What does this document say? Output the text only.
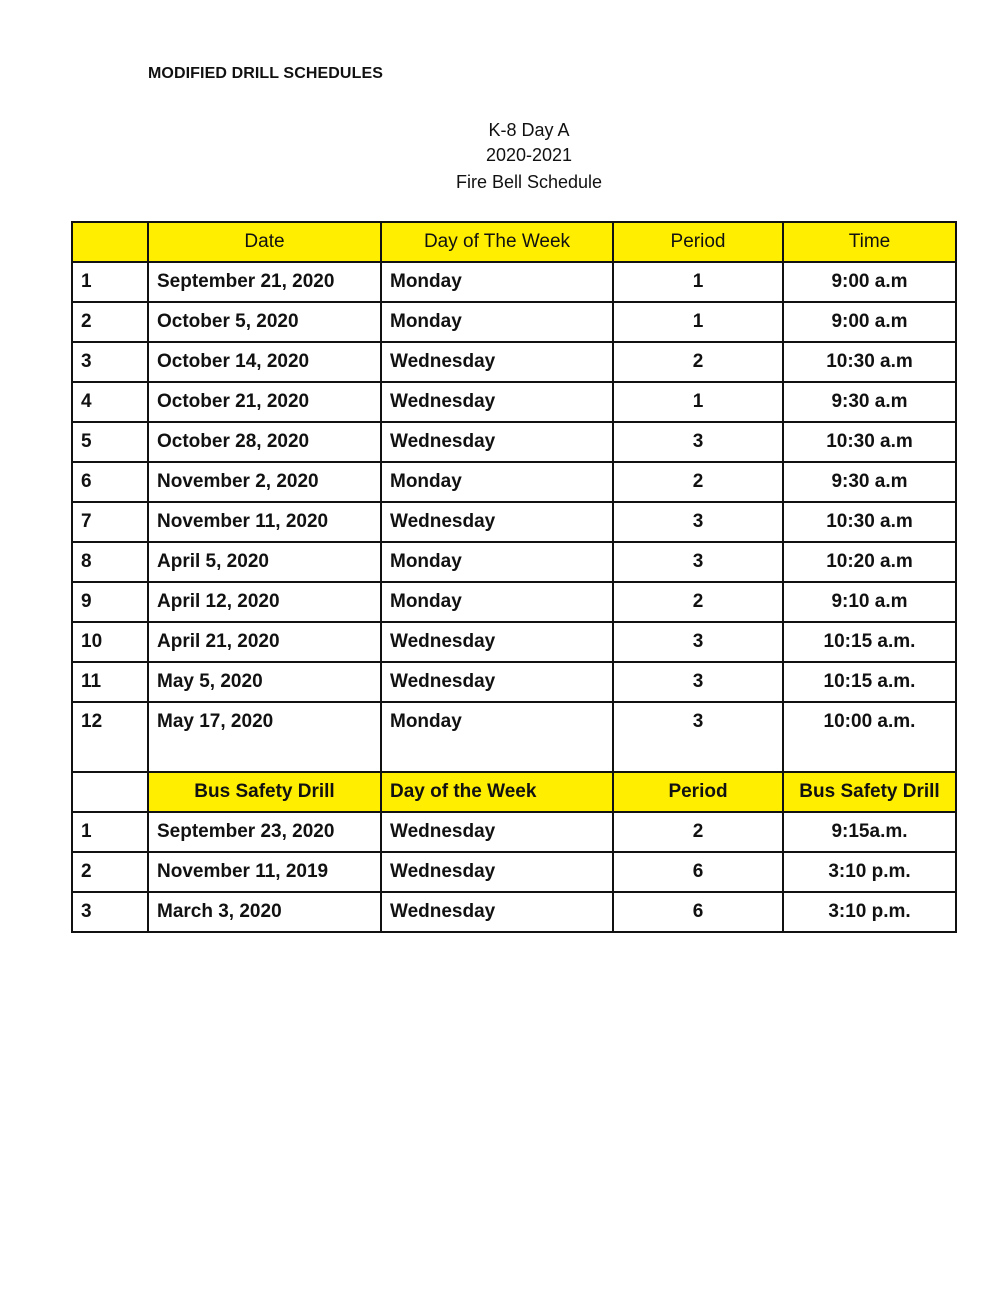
MODIFIED DRILL SCHEDULES
K-8 Day A
2020-2021
Fire Bell Schedule
	Date	Day of The Week	Period	Time
1	September 21, 2020	Monday	1	9:00 a.m
2	October 5, 2020	Monday	1	9:00 a.m
3	October 14, 2020	Wednesday	2	10:30 a.m
4	October 21, 2020	Wednesday	1	9:30 a.m
5	October 28, 2020	Wednesday	3	10:30 a.m
6	November 2, 2020	Monday	2	9:30 a.m
7	November 11, 2020	Wednesday	3	10:30 a.m
8	April 5, 2020	Monday	3	10:20 a.m
9	April 12, 2020	Monday	2	9:10 a.m
10	April 21, 2020	Wednesday	3	10:15 a.m.
11	May 5, 2020	Wednesday	3	10:15 a.m.
12	May 17, 2020	Monday	3	10:00 a.m.
	Bus Safety Drill	Day of the Week	Period	Bus Safety Drill
1	September 23, 2020	Wednesday	2	9:15a.m.
2	November 11, 2019	Wednesday	6	3:10 p.m.
3	March 3, 2020	Wednesday	6	3:10 p.m.
